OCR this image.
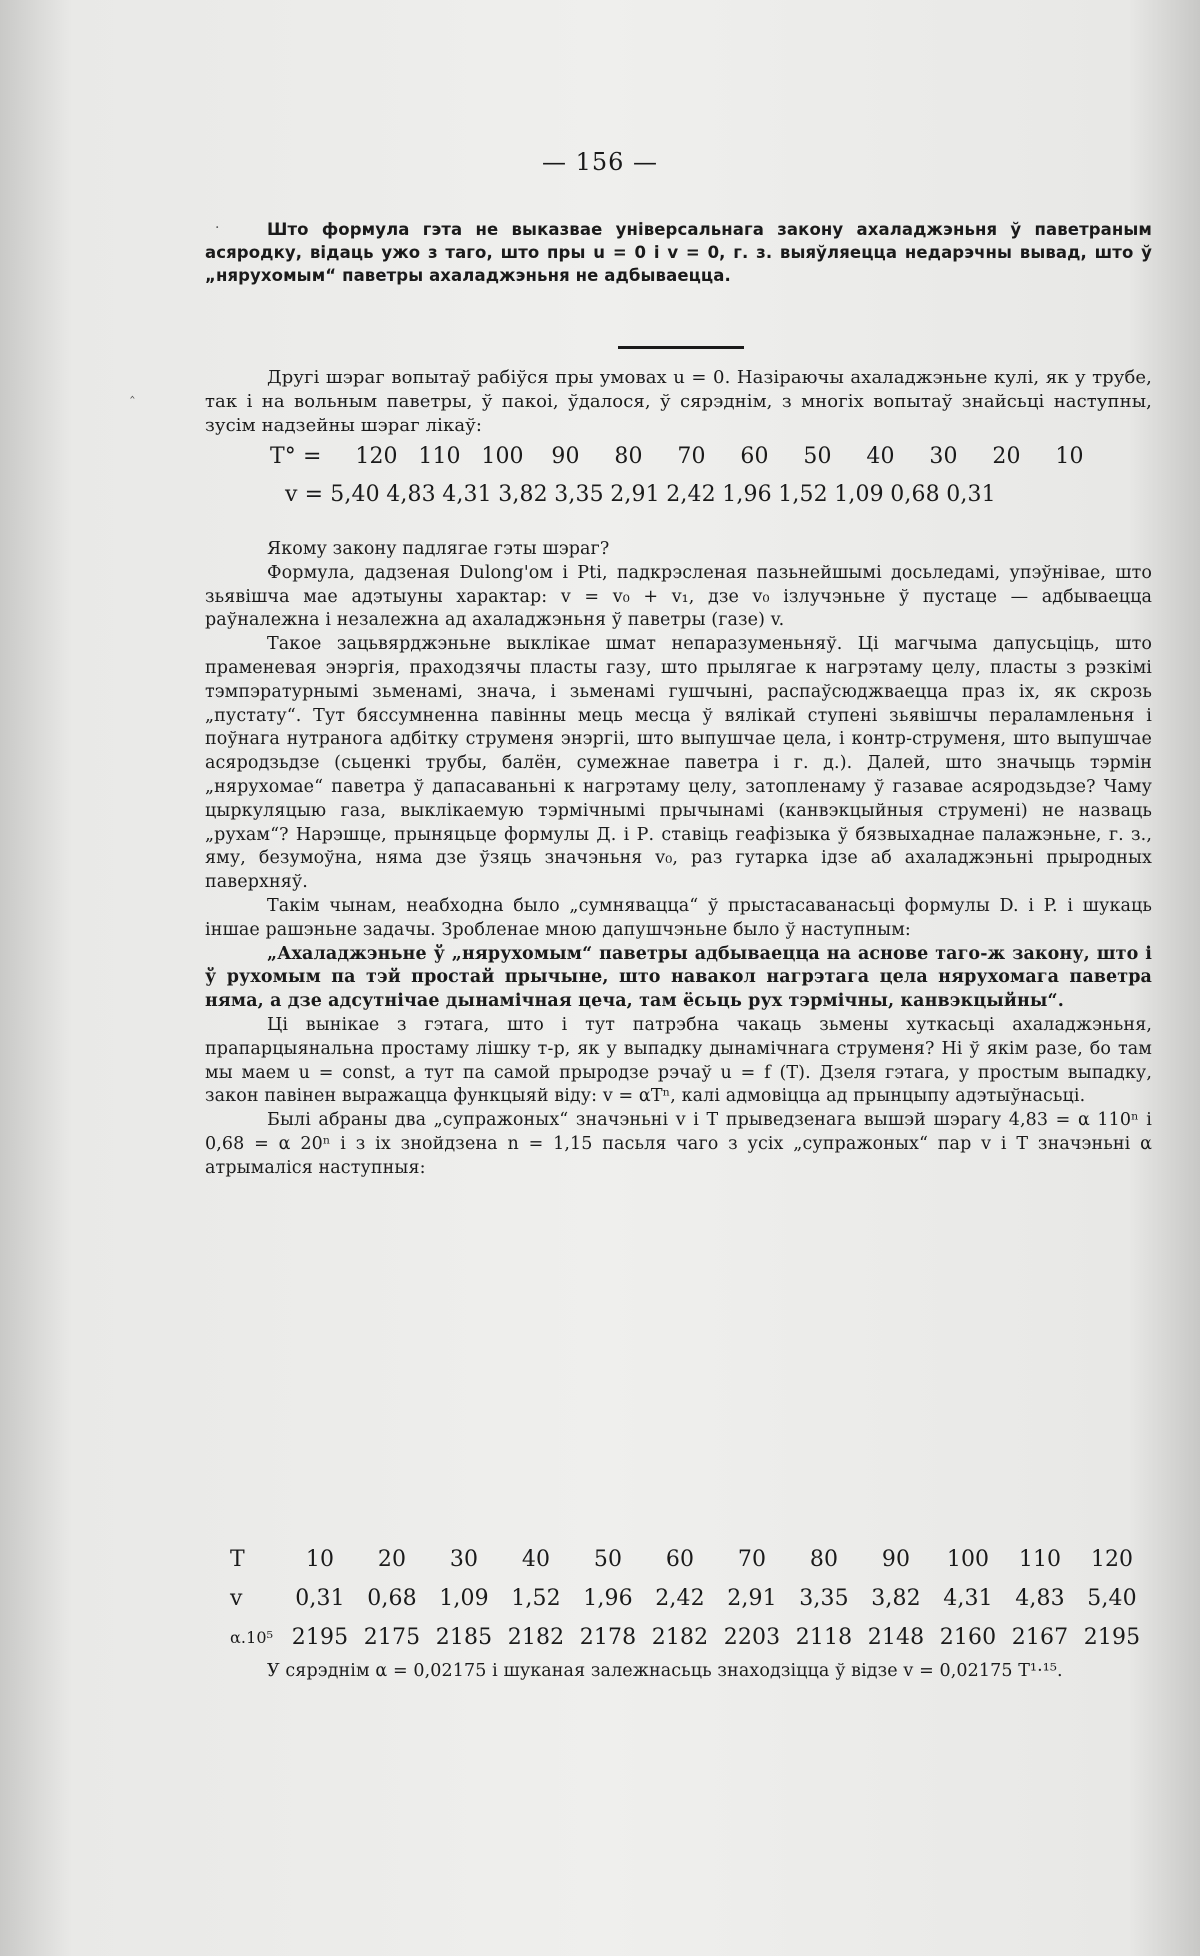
— 156 —
·
‸

Што формула гэта не выказвае універсальнага закону ахаладжэньня ў паветраным асяродку, відаць ужо з таго, што пры u = 0 і v = 0, г. з. выяўляецца недарэчны вывад, што ў „нярухомым“ паветры ахаладжэньня не адбываецца.

Другі шэраг вопытаў рабіўся пры умовах u = 0. Назіраючы ахаладжэньне кулі, як у трубе, так і на вольным паветры, ў пакоі, ўдалося, ў сярэднім, з многіх вопытаў знайсьці наступны, зусім надзейны шэраг лікаў:

T° =	120 110 100	90	80	70	60	50	40	30	20	10
v = 5,40 4,83 4,31 3,82 3,35 2,91 2,42 1,96 1,52 1,09 0,68 0,31

Якому закону падлягае гэты шэраг?

Формула, дадзеная Dulong'ом і Pti, падкрэсленая пазьнейшымі досьледамі, упэўнівае, што зьявішча мае адэтыуны характар: v = v₀ + v₁, дзе v₀ ізлучэньне ў пустаце — адбываецца раўналежна і незалежна ад ахаладжэньня ў паветры (газе) v.

Такое зацьвярджэньне выклікае шмат непаразуменьняў. Ці магчыма дапусьціць, што праменевая энэргія, праходзячы пласты газу, што прылягае к нагрэтаму целу, пласты з рэзкімі тэмпэратурнымі зьменамі, знача, і зьменамі гушчыні, распаўсюджваецца праз іх, як скрозь „пустату“. Тут бяссумненна павінны мець месца ў вялікай ступені зьявішчы пераламленьня і поўнага нутранога адбітку струменя энэргіі, што выпушчае цела, і контр-струменя, што выпушчае асяродзьдзе (сьценкі трубы, балён, сумежнае паветра і г. д.). Далей, што значыць тэрмін „нярухомае“ паветра ў дапасаваньні к нагрэтаму целу, затопленаму ў газавае асяродзьдзе? Чаму цыркуляцыю газа, выклікаемую тэрмічнымі прычынамі (канвэкцыйныя струмені) не назваць „рухам“? Нарэшце, прыняцьце формулы Д. і Р. ставіць геафізыка ў бязвыхаднае палажэньне, г. з., яму, безумоўна, няма дзе ўзяць значэньня v₀, раз гутарка ідзе аб ахаладжэньні прыродных паверхняў.

Такім чынам, неабходна было „сумнявацца“ ў прыстасаванасьці формулы D. і P. і шукаць іншае рашэньне задачы. Зробленае мною дапушчэньне было ў наступным:

„Ахаладжэньне ў „нярухомым“ паветры адбываецца на аснове таго-ж закону, што і ў рухомым па тэй простай прычыне, што навакол нагрэтага цела нярухомага паветра няма, а дзе адсутнічае дынамічная цеча, там ёсьць рух тэрмічны, канвэкцыйны“.

Ці вынікае з гэтага, што і тут патрэбна чакаць зьмены хуткасьці ахаладжэньня, прапарцыянальна простаму лішку т-р, як у выпадку дынамічнага струменя? Ні ў якім разе, бо там мы маем u = const, а тут па самой прыродзе рэчаў u = f (T). Дзеля гэтага, у простым выпадку, закон павінен выражацца функцыяй віду: v = αTⁿ, калі адмовіцца ад прынцыпу адэтыўнасьці.

Былі абраны два „супражоных“ значэньні v і T прыведзенага вышэй шэрагу 4,83 = α 110ⁿ і 0,68 = α 20ⁿ і з іх знойдзена n = 1,15 пасьля чаго з усіх „супражоных“ пар v і T значэньні α атрымаліся наступныя:

T	10	20	30	40	50	60	70	80	90	100	110	120
v	0,31	0,68	1,09	1,52	1,96	2,42	2,91	3,35	3,82	4,31	4,83	5,40
α.10⁵ 2195 2175 2185 2182 2178 2182 2203 2118 2148 2160 2167 2195

У сярэднім α = 0,02175 і шуканая залежнасьць знаходзіцца ў відзе v = 0,02175 T¹·¹⁵.
